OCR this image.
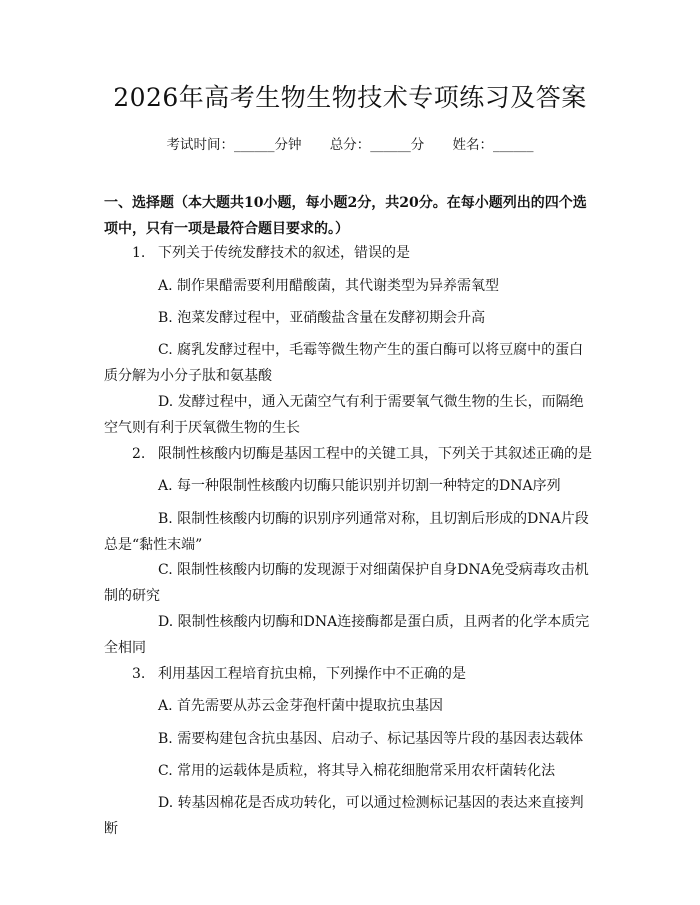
2026年高考生物生物技术专项练习及答案
考试时间：______分钟 总分：______分 姓名：______
一、选择题（本大题共10小题，每小题2分，共20分。在每小题列出的四个选项中，只有一项是最符合题目要求的。）
1. 下列关于传统发酵技术的叙述，错误的是
A. 制作果醋需要利用醋酸菌，其代谢类型为异养需氧型
B. 泡菜发酵过程中，亚硝酸盐含量在发酵初期会升高
C. 腐乳发酵过程中，毛霉等微生物产生的蛋白酶可以将豆腐中的蛋白质分解为小分子肽和氨基酸
D. 发酵过程中，通入无菌空气有利于需要氧气微生物的生长，而隔绝空气则有利于厌氧微生物的生长
2. 限制性核酸内切酶是基因工程中的关键工具，下列关于其叙述正确的是
A. 每一种限制性核酸内切酶只能识别并切割一种特定的DNA序列
B. 限制性核酸内切酶的识别序列通常对称，且切割后形成的DNA片段总是“黏性末端”
C. 限制性核酸内切酶的发现源于对细菌保护自身DNA免受病毒攻击机制的研究
D. 限制性核酸内切酶和DNA连接酶都是蛋白质，且两者的化学本质完全相同
3. 利用基因工程培育抗虫棉，下列操作中不正确的是
A. 首先需要从苏云金芽孢杆菌中提取抗虫基因
B. 需要构建包含抗虫基因、启动子、标记基因等片段的基因表达载体
C. 常用的运载体是质粒，将其导入棉花细胞常采用农杆菌转化法
D. 转基因棉花是否成功转化，可以通过检测标记基因的表达来直接判断
